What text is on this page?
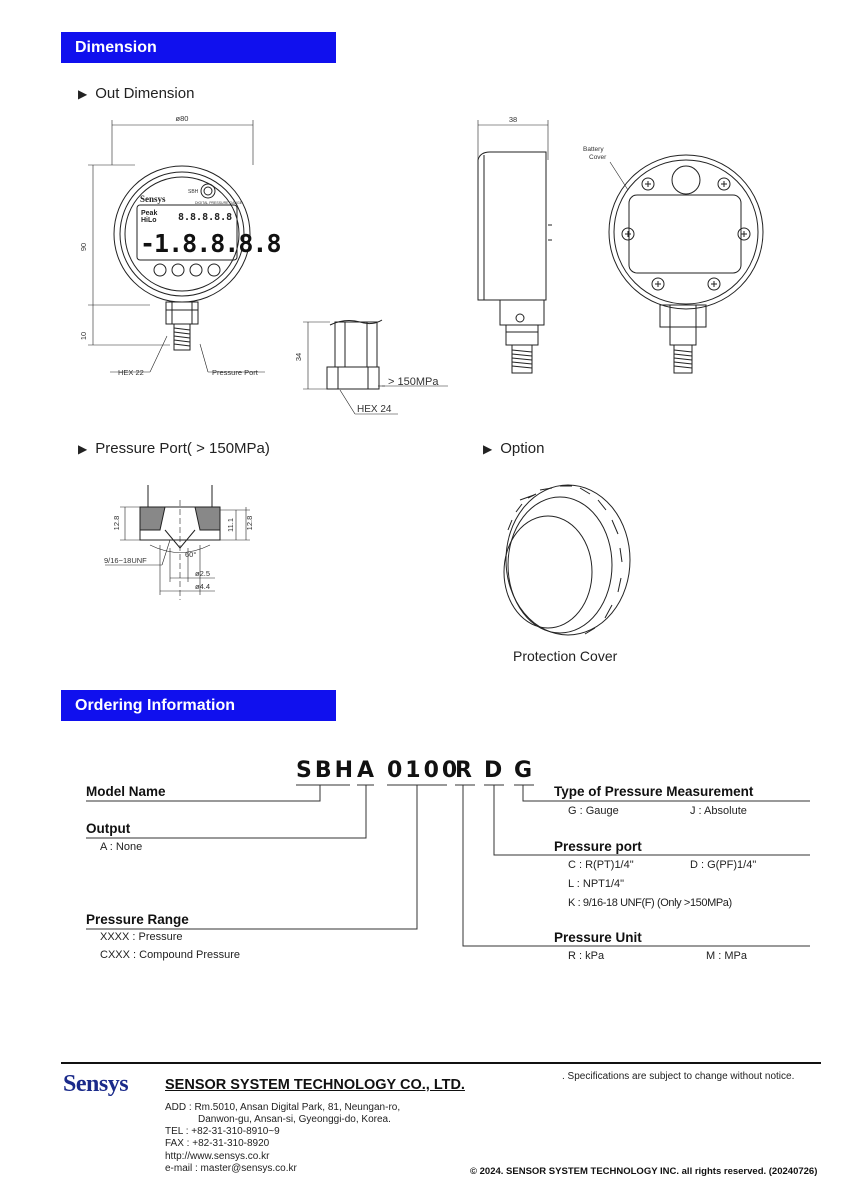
Dimension
▶ Out Dimension
ø80
90
10
HEX 22	Pressure Port
Sensys
SBH
DIGITAL PRESSURE GAUGE
Peak
HiLo 8.8.8.8.8
-1.8.8.8.8
34
> 150MPa
HEX 24
38
Battery
Cover
12.8	11.1 12.8
60°
9/16−18UNF
ø2.5
ø4.4
▶ Pressure Port( > 150MPa)	▶ Option
Protection Cover
Ordering Information
SBH A 0100
R D G
Model Name
Output
A : None
Pressure Range
XXXX : Pressure
CXXX : Compound Pressure
Type of Pressure Measurement
G : Gauge	J : Absolute
Pressure port
C : R(PT)1/4"	D : G(PF)1/4"
L : NPT1/4"
K : 9/16-18 UNF(F) (Only >150MPa)
Pressure Unit
R : kPa	M : MPa
Sensys	SENSOR SYSTEM TECHNOLOGY CO., LTD.
. Specifications are subject to change without notice.
ADD : Rm.5010, Ansan Digital Park, 81, Neungan-ro,
Danwon-gu, Ansan-si, Gyeonggi-do, Korea.
TEL : +82-31-310-8910~9
FAX : +82-31-310-8920
http://www.sensys.co.kr
e-mail : master@sensys.co.kr	© 2024. SENSOR SYSTEM TECHNOLOGY INC. all rights reserved. (20240726)
